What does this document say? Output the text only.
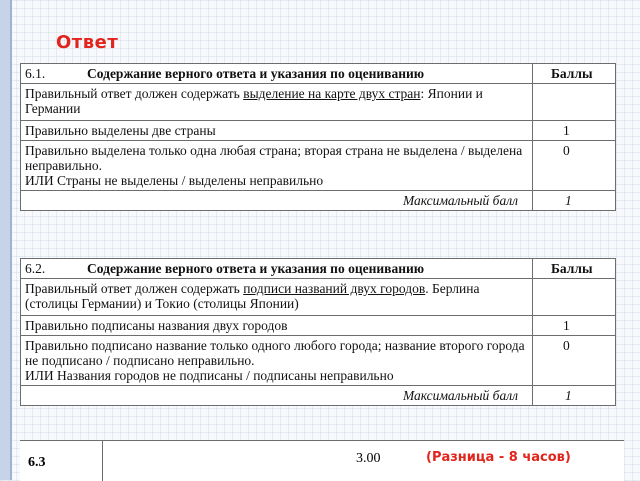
Ответ
6.1. Содержание верного ответа и указания по оцениванию	Баллы
Правильный ответ должен содержать выделение на карте двух стран: Японии и Германии	
Правильно выделены две страны	1
Правильно выделена только одна любая страна; вторая страна не выделена / выделена неправильно.
ИЛИ Страны не выделены / выделены неправильно	0
Максимальный балл	1
6.2. Содержание верного ответа и указания по оцениванию	Баллы
Правильный ответ должен содержать подписи названий двух городов. Берлина (столицы Германии) и Токио (столицы Японии)	
Правильно подписаны названия двух городов	1
Правильно подписано название только одного любого города; название второго города не подписано / подписано неправильно.
ИЛИ Названия городов не подписаны / подписаны неправильно	0
Максимальный балл	1
6.3	3.00	(Разница - 8 часов)
